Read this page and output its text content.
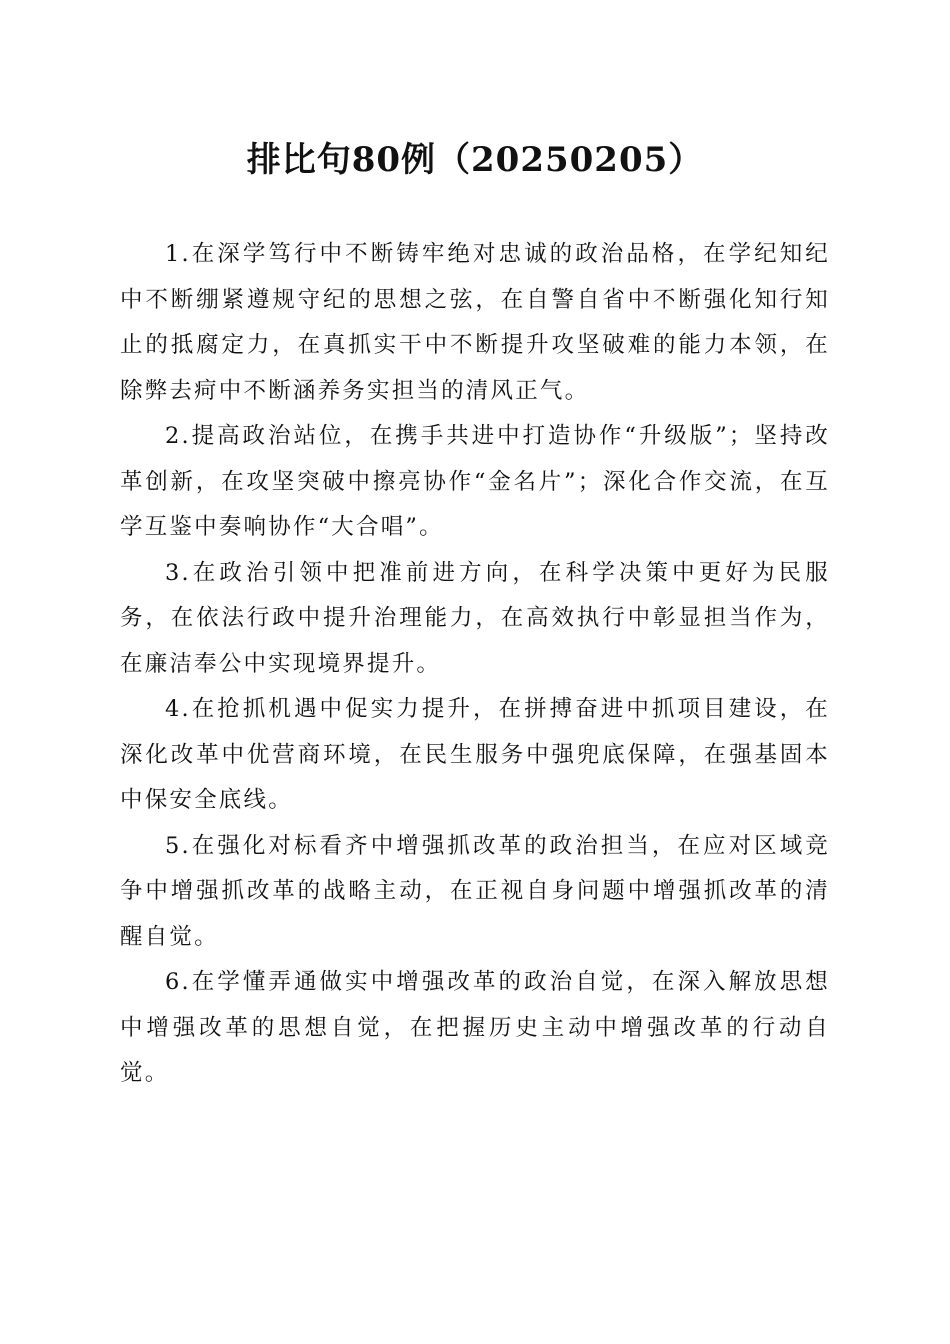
排比句80例（20250205）

1.在深学笃行中不断铸牢绝对忠诚的政治品格，在学纪知纪中不断绷紧遵规守纪的思想之弦，在自警自省中不断强化知行知止的抵腐定力，在真抓实干中不断提升攻坚破难的能力本领，在除弊去疴中不断涵养务实担当的清风正气。

2.提高政治站位，在携手共进中打造协作“升级版”；坚持改革创新，在攻坚突破中擦亮协作“金名片”；深化合作交流，在互学互鉴中奏响协作“大合唱”。

3.在政治引领中把准前进方向，在科学决策中更好为民服务，在依法行政中提升治理能力，在高效执行中彰显担当作为，在廉洁奉公中实现境界提升。

4.在抢抓机遇中促实力提升，在拼搏奋进中抓项目建设，在深化改革中优营商环境，在民生服务中强兜底保障，在强基固本中保安全底线。

5.在强化对标看齐中增强抓改革的政治担当，在应对区域竞争中增强抓改革的战略主动，在正视自身问题中增强抓改革的清醒自觉。

6.在学懂弄通做实中增强改革的政治自觉，在深入解放思想中增强改革的思想自觉，在把握历史主动中增强改革的行动自觉。
